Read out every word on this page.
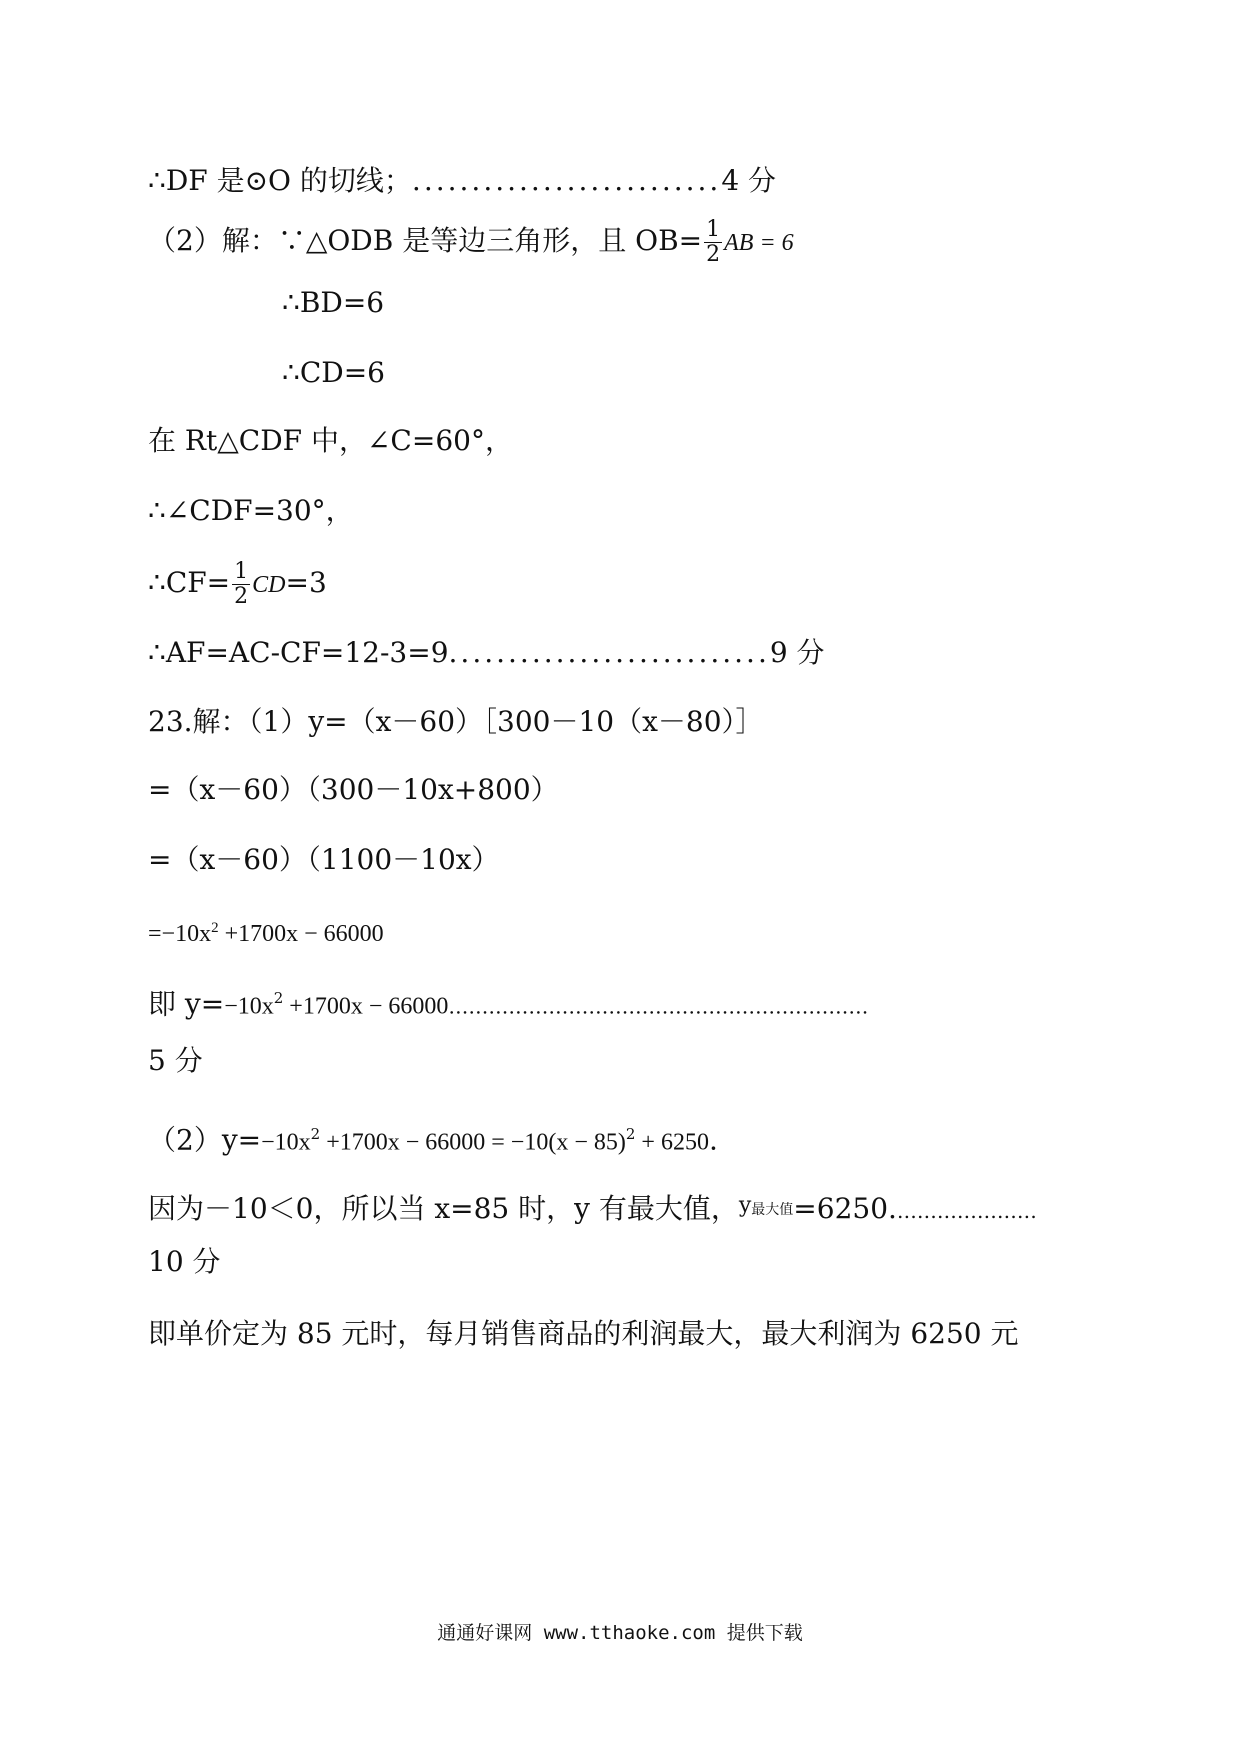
∴DF 是⊙O 的切线；..........................4 分
（2）解：∵△ODB 是等边三角形，且 $OB= \frac{1}{2}$ AB = 6
∴BD=6
∴CD=6
在 Rt△CDF 中，∠C=60°，
∴∠CDF=30°，
∴CF= $\frac{1}{2} CD=3$
∴AF=AC-CF=12-3=9...........................9 分
23.解：（1）y=（x－60）［300－10（x－80）］
=（x－60）（300－10x+800）
=（x－60）（1100－10x）
$=-10x^2 +1700x - 66000$
即 $y=-10x^2 +1700x$ − 66000………………………………………………………
5 分
$(2)y=-10x^2 +1700x - 66000 = -10(x - 85)^2 + 6250$.
因为－10＜0，所以当 x=85 时，y 有最大值，$^{y最大值}$=6250.…………………
10 分
即单价定为 85 元时，每月销售商品的利润最大，最大利润为 6250 元
通通好课网 www.tthaoke.com 提供下载
